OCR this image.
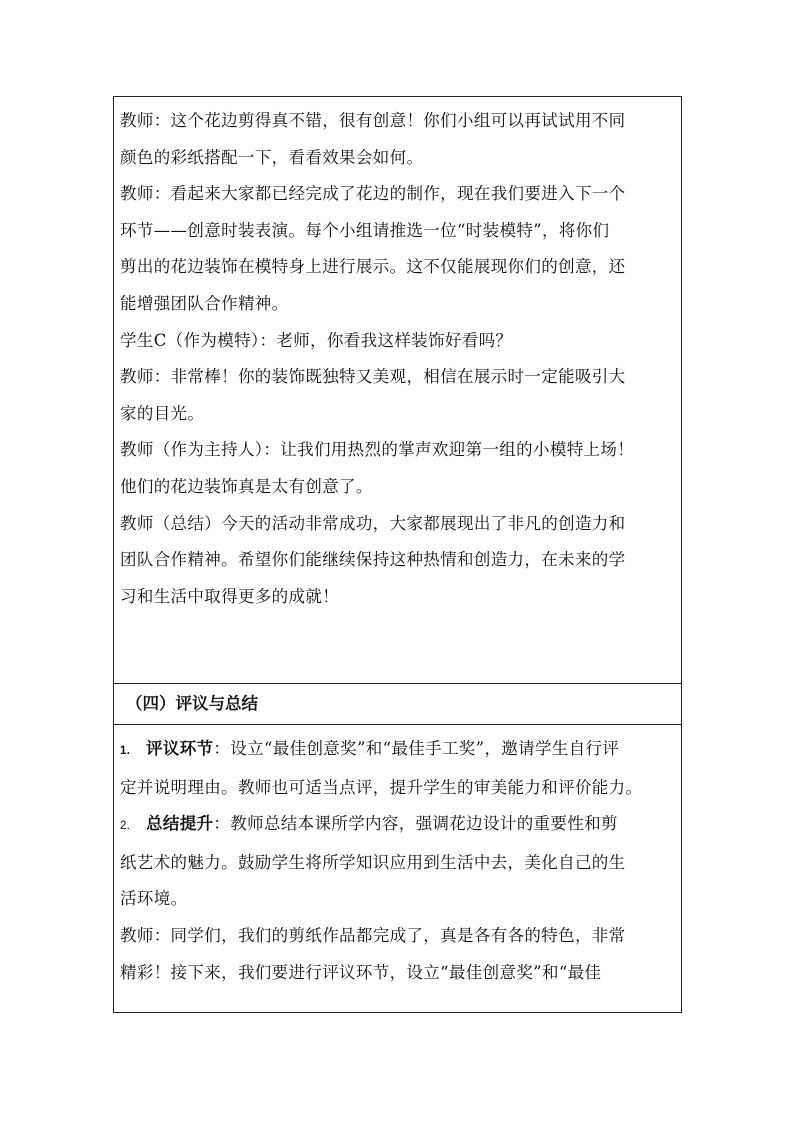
教师：这个花边剪得真不错，很有创意！你们小组可以再试试用不同

颜色的彩纸搭配一下，看看效果会如何。

教师：看起来大家都已经完成了花边的制作，现在我们要进入下一个

环节——创意时装表演。每个小组请推选一位“时装模特”，将你们

剪出的花边装饰在模特身上进行展示。这不仅能展现你们的创意，还

能增强团队合作精神。

学生C（作为模特）：老师，你看我这样装饰好看吗？

教师：非常棒！你的装饰既独特又美观，相信在展示时一定能吸引大

家的目光。

教师（作为主持人）：让我们用热烈的掌声欢迎第一组的小模特上场！

他们的花边装饰真是太有创意了。

教师（总结）今天的活动非常成功，大家都展现出了非凡的创造力和

团队合作精神。希望你们能继续保持这种热情和创造力，在未来的学

习和生活中取得更多的成就！

（四）评议与总结

1. 评议环节：设立“最佳创意奖”和“最佳手工奖”，邀请学生自行评

定并说明理由。教师也可适当点评，提升学生的审美能力和评价能力。

2. 总结提升：教师总结本课所学内容，强调花边设计的重要性和剪

纸艺术的魅力。鼓励学生将所学知识应用到生活中去，美化自己的生

活环境。

教师：同学们，我们的剪纸作品都完成了，真是各有各的特色，非常

精彩！接下来，我们要进行评议环节，设立“最佳创意奖”和“最佳
